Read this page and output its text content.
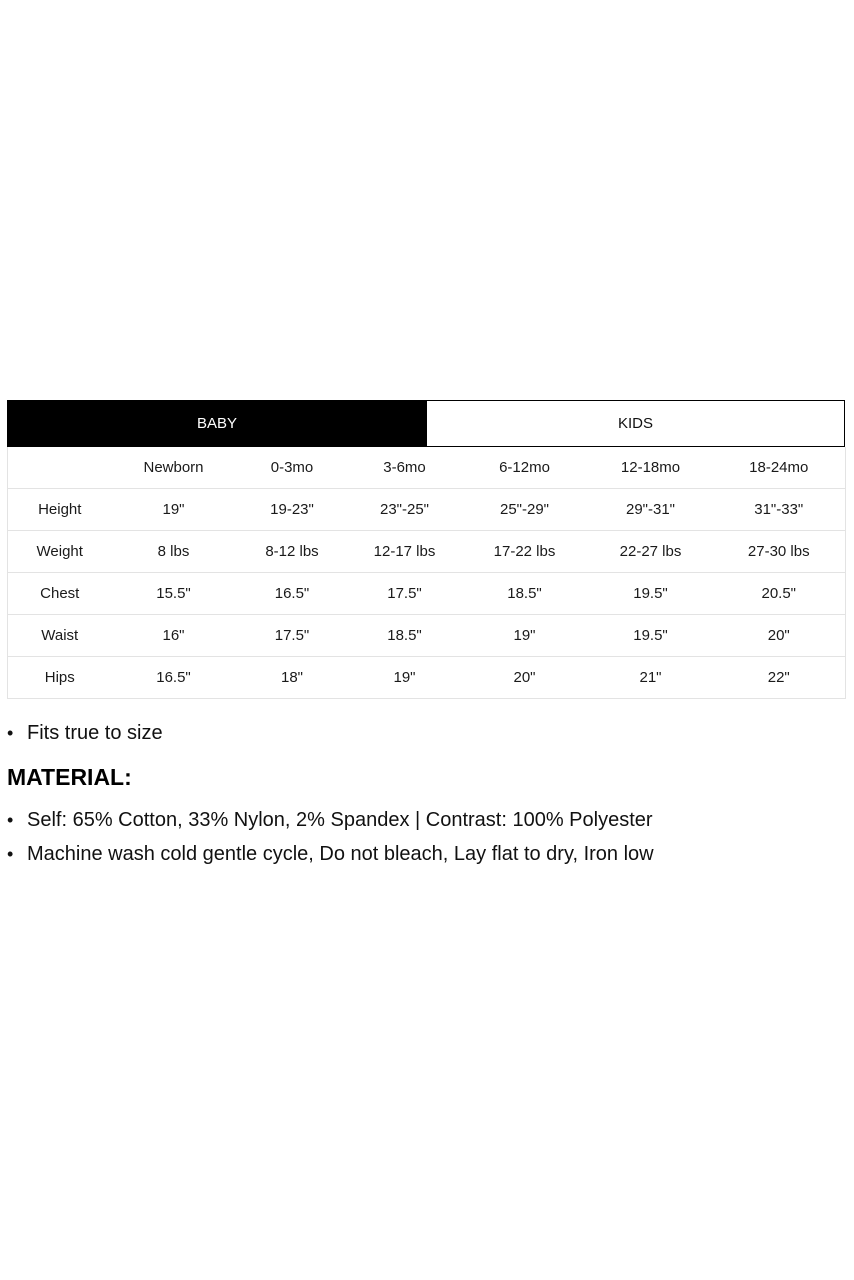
BABY	KIDS
	Newborn	0-3mo	3-6mo	6-12mo	12-18mo	18-24mo
Height	19"	19-23"	23"-25"	25"-29"	29"-31"	31"-33"
Weight	8 lbs	8-12 lbs	12-17 lbs	17-22 lbs	22-27 lbs	27-30 lbs
Chest	15.5"	16.5"	17.5"	18.5"	19.5"	20.5"
Waist	16"	17.5"	18.5"	19"	19.5"	20"
Hips	16.5"	18"	19"	20"	21"	22"
• Fits true to size
MATERIAL:
• Self: 65% Cotton, 33% Nylon, 2% Spandex | Contrast: 100% Polyester
• Machine wash cold gentle cycle, Do not bleach, Lay flat to dry, Iron low
